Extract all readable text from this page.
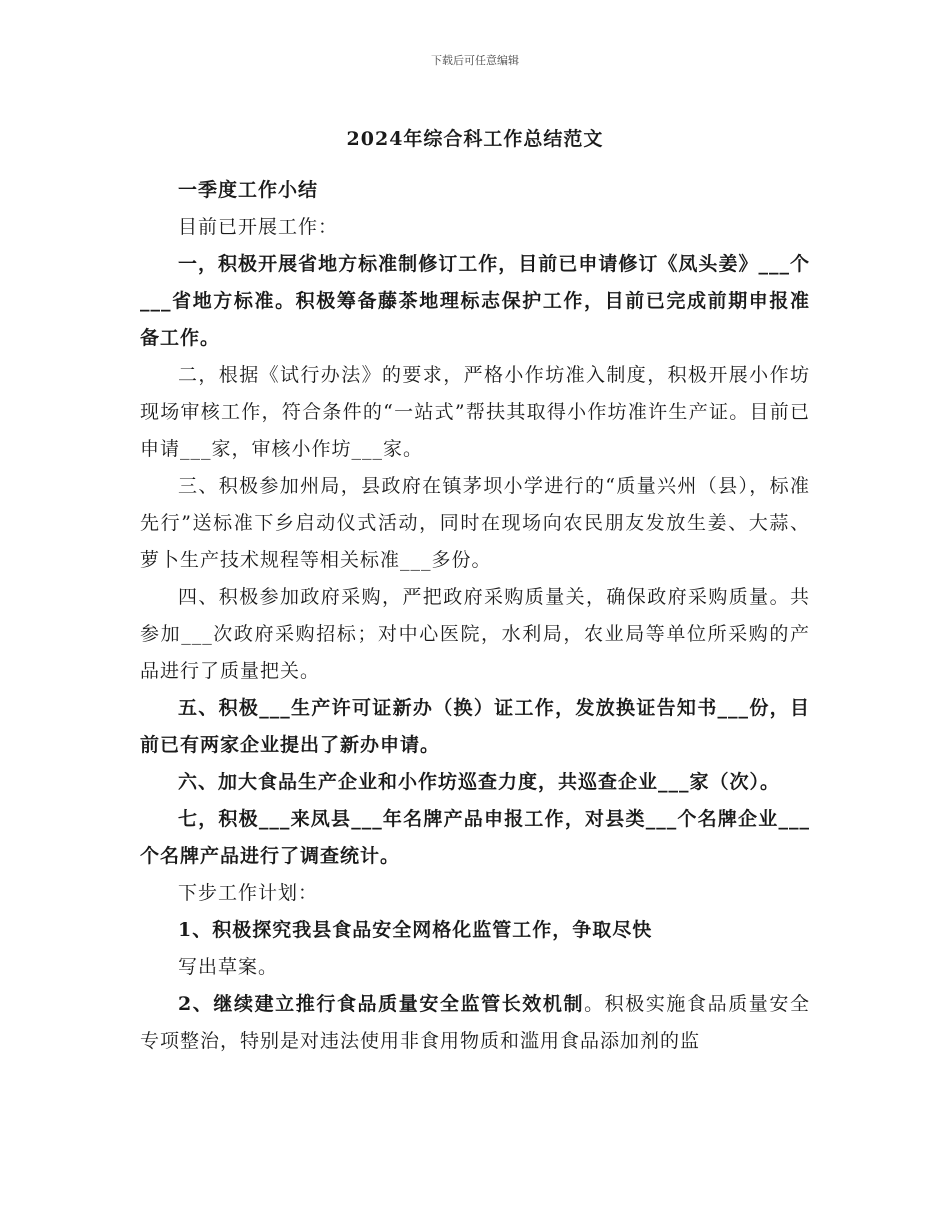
下载后可任意编辑
2024年综合科工作总结范文

一季度工作小结

目前已开展工作：

一，积极开展省地方标准制修订工作，目前已申请修订《凤头姜》___个___省地方标准。积极筹备藤茶地理标志保护工作，目前已完成前期申报准备工作。

二，根据《试行办法》的要求，严格小作坊准入制度，积极开展小作坊现场审核工作，符合条件的“一站式”帮扶其取得小作坊准许生产证。目前已申请___家，审核小作坊___家。

三、积极参加州局，县政府在镇茅坝小学进行的“质量兴州（县），标准先行”送标准下乡启动仪式活动，同时在现场向农民朋友发放生姜、大蒜、萝卜生产技术规程等相关标准___多份。

四、积极参加政府采购，严把政府采购质量关，确保政府采购质量。共参加___次政府采购招标；对中心医院，水利局，农业局等单位所采购的产品进行了质量把关。

五、积极___生产许可证新办（换）证工作，发放换证告知书___份，目前已有两家企业提出了新办申请。

六、加大食品生产企业和小作坊巡查力度，共巡查企业___家（次）。

七，积极___来凤县___年名牌产品申报工作，对县类___个名牌企业___个名牌产品进行了调查统计。

下步工作计划：

1、积极探究我县食品安全网格化监管工作，争取尽快

写出草案。

2、继续建立推行食品质量安全监管长效机制。积极实施食品质量安全专项整治，特别是对违法使用非食用物质和滥用食品添加剂的监
